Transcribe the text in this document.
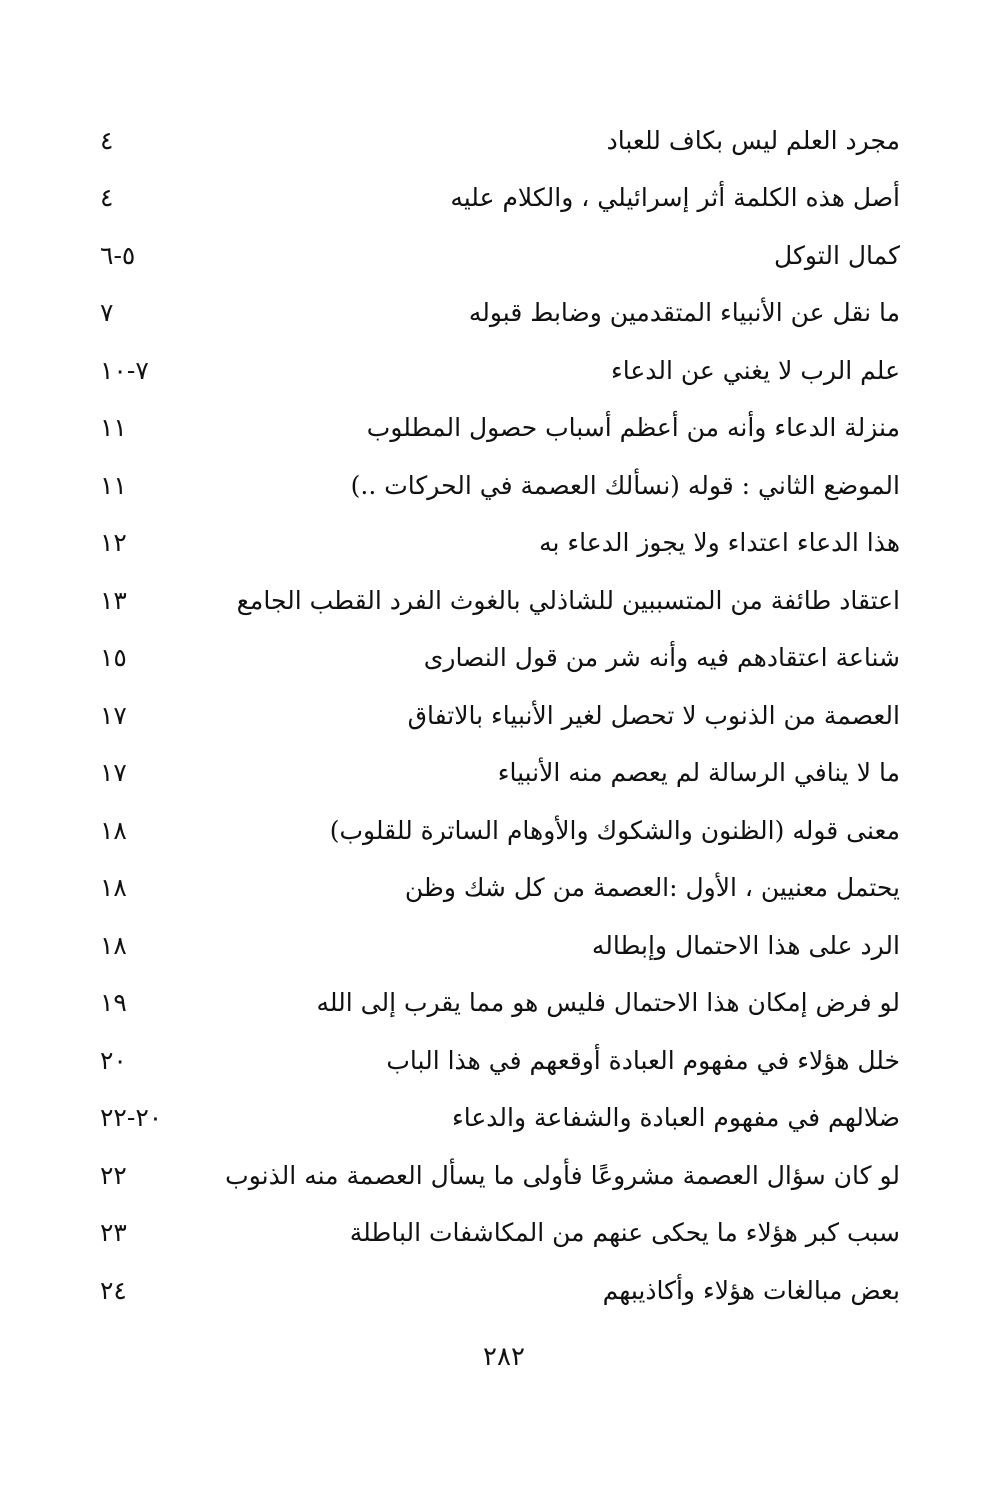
مجرد العلم ليس بكاف للعباد
٤
أصل هذه الكلمة أثر إسرائيلي ، والكلام عليه
٤
كمال التوكل
٥-٦
ما نقل عن الأنبياء المتقدمين وضابط قبوله
٧
علم الرب لا يغني عن الدعاء
٧-١٠
منزلة الدعاء وأنه من أعظم أسباب حصول المطلوب
١١
الموضع الثاني : قوله (نسألك العصمة في الحركات ..)
١١
هذا الدعاء اعتداء ولا يجوز الدعاء به
١٢
اعتقاد طائفة من المتسببين للشاذلي بالغوث الفرد القطب الجامع
١٣
شناعة اعتقادهم فيه وأنه شر من قول النصارى
١٥
العصمة من الذنوب لا تحصل لغير الأنبياء بالاتفاق
١٧
ما لا ينافي الرسالة لم يعصم منه الأنبياء
١٧
معنى قوله (الظنون والشكوك والأوهام الساترة للقلوب)
١٨
يحتمل معنيين ، الأول :العصمة من كل شك وظن
١٨
الرد على هذا الاحتمال وإبطاله
١٨
لو فرض إمكان هذا الاحتمال فليس هو مما يقرب إلى الله
١٩
خلل هؤلاء في مفهوم العبادة أوقعهم في هذا الباب
٢٠
ضلالهم في مفهوم العبادة والشفاعة والدعاء
٢٠-٢٢
لو كان سؤال العصمة مشروعًا فأولى ما يسأل العصمة منه الذنوب
٢٢
سبب كبر هؤلاء ما يحكى عنهم من المكاشفات الباطلة
٢٣
بعض مبالغات هؤلاء وأكاذيبهم
٢٤
٢٨٢
